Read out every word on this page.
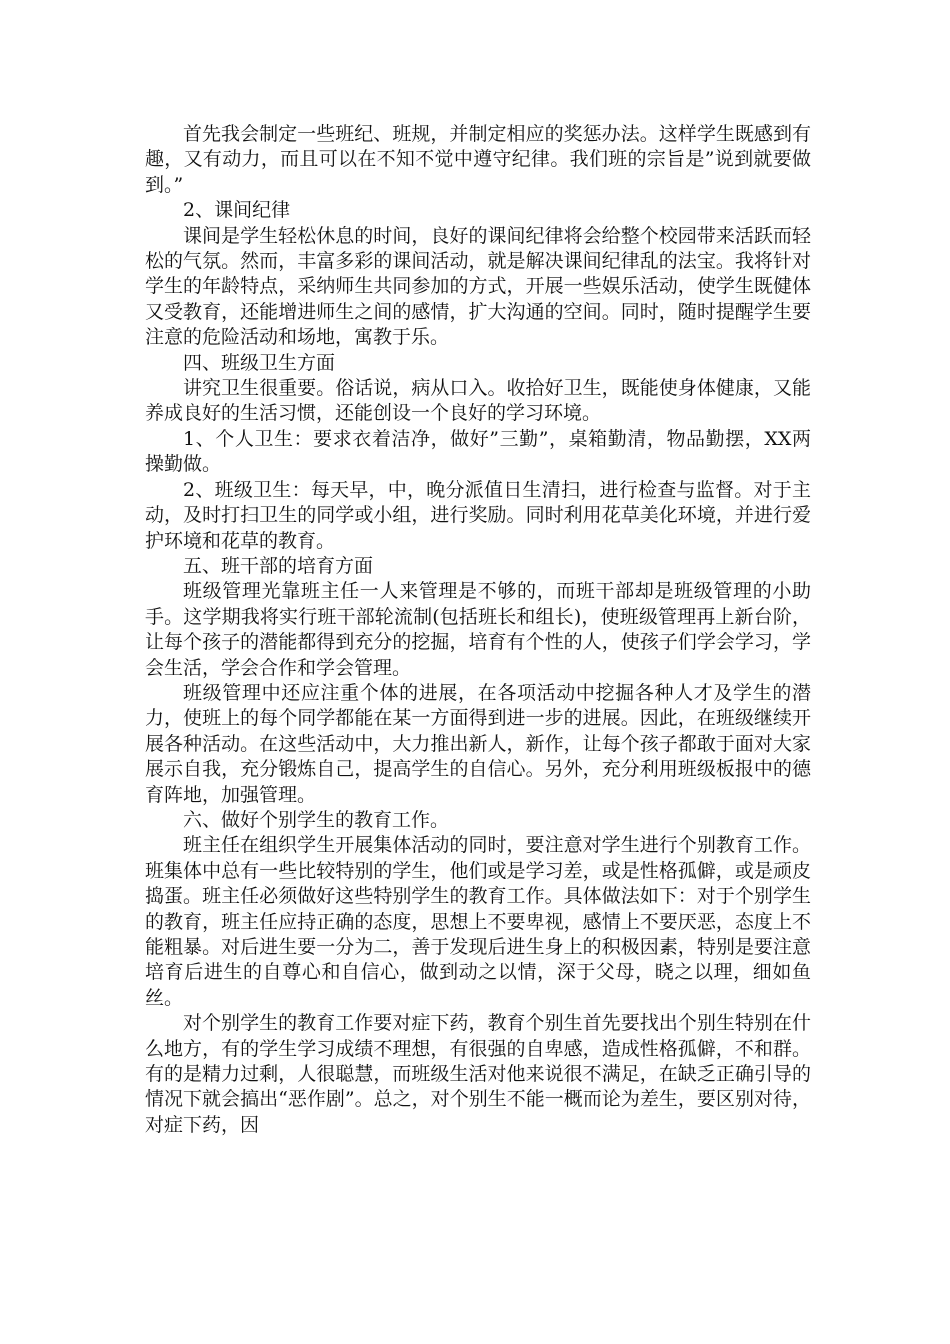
首先我会制定一些班纪、班规，并制定相应的奖惩办法。这样学生既感到有趣，又有动力，而且可以在不知不觉中遵守纪律。我们班的宗旨是”说到就要做到。”

2、课间纪律

课间是学生轻松休息的时间，良好的课间纪律将会给整个校园带来活跃而轻松的气氛。然而，丰富多彩的课间活动，就是解决课间纪律乱的法宝。我将针对学生的年龄特点，采纳师生共同参加的方式，开展一些娱乐活动，使学生既健体又受教育，还能增进师生之间的感情，扩大沟通的空间。同时，随时提醒学生要注意的危险活动和场地，寓教于乐。

四、班级卫生方面

讲究卫生很重要。俗话说，病从口入。收拾好卫生，既能使身体健康，又能养成良好的生活习惯，还能创设一个良好的学习环境。

1、个人卫生：要求衣着洁净，做好”三勤”，桌箱勤清，物品勤摆，XX两操勤做。

2、班级卫生：每天早，中，晚分派值日生清扫，进行检查与监督。对于主动，及时打扫卫生的同学或小组，进行奖励。同时利用花草美化环境，并进行爱护环境和花草的教育。

五、班干部的培育方面

班级管理光靠班主任一人来管理是不够的，而班干部却是班级管理的小助手。这学期我将实行班干部轮流制(包括班长和组长)，使班级管理再上新台阶，让每个孩子的潜能都得到充分的挖掘，培育有个性的人，使孩子们学会学习，学会生活，学会合作和学会管理。

班级管理中还应注重个体的进展，在各项活动中挖掘各种人才及学生的潜力，使班上的每个同学都能在某一方面得到进一步的进展。因此，在班级继续开展各种活动。在这些活动中，大力推出新人，新作，让每个孩子都敢于面对大家展示自我，充分锻炼自己，提高学生的自信心。另外，充分利用班级板报中的德育阵地，加强管理。

六、做好个别学生的教育工作。

班主任在组织学生开展集体活动的同时，要注意对学生进行个别教育工作。班集体中总有一些比较特别的学生，他们或是学习差，或是性格孤僻，或是顽皮捣蛋。班主任必须做好这些特别学生的教育工作。具体做法如下：对于个别学生的教育，班主任应持正确的态度，思想上不要卑视，感情上不要厌恶，态度上不能粗暴。对后进生要一分为二，善于发现后进生身上的积极因素，特别是要注意培育后进生的自尊心和自信心，做到动之以情，深于父母，晓之以理，细如鱼丝。

对个别学生的教育工作要对症下药，教育个别生首先要找出个别生特别在什么地方，有的学生学习成绩不理想，有很强的自卑感，造成性格孤僻，不和群。有的是精力过剩，人很聪慧，而班级生活对他来说很不满足，在缺乏正确引导的情况下就会搞出“恶作剧”。总之，对个别生不能一概而论为差生，要区别对待，对症下药，因
